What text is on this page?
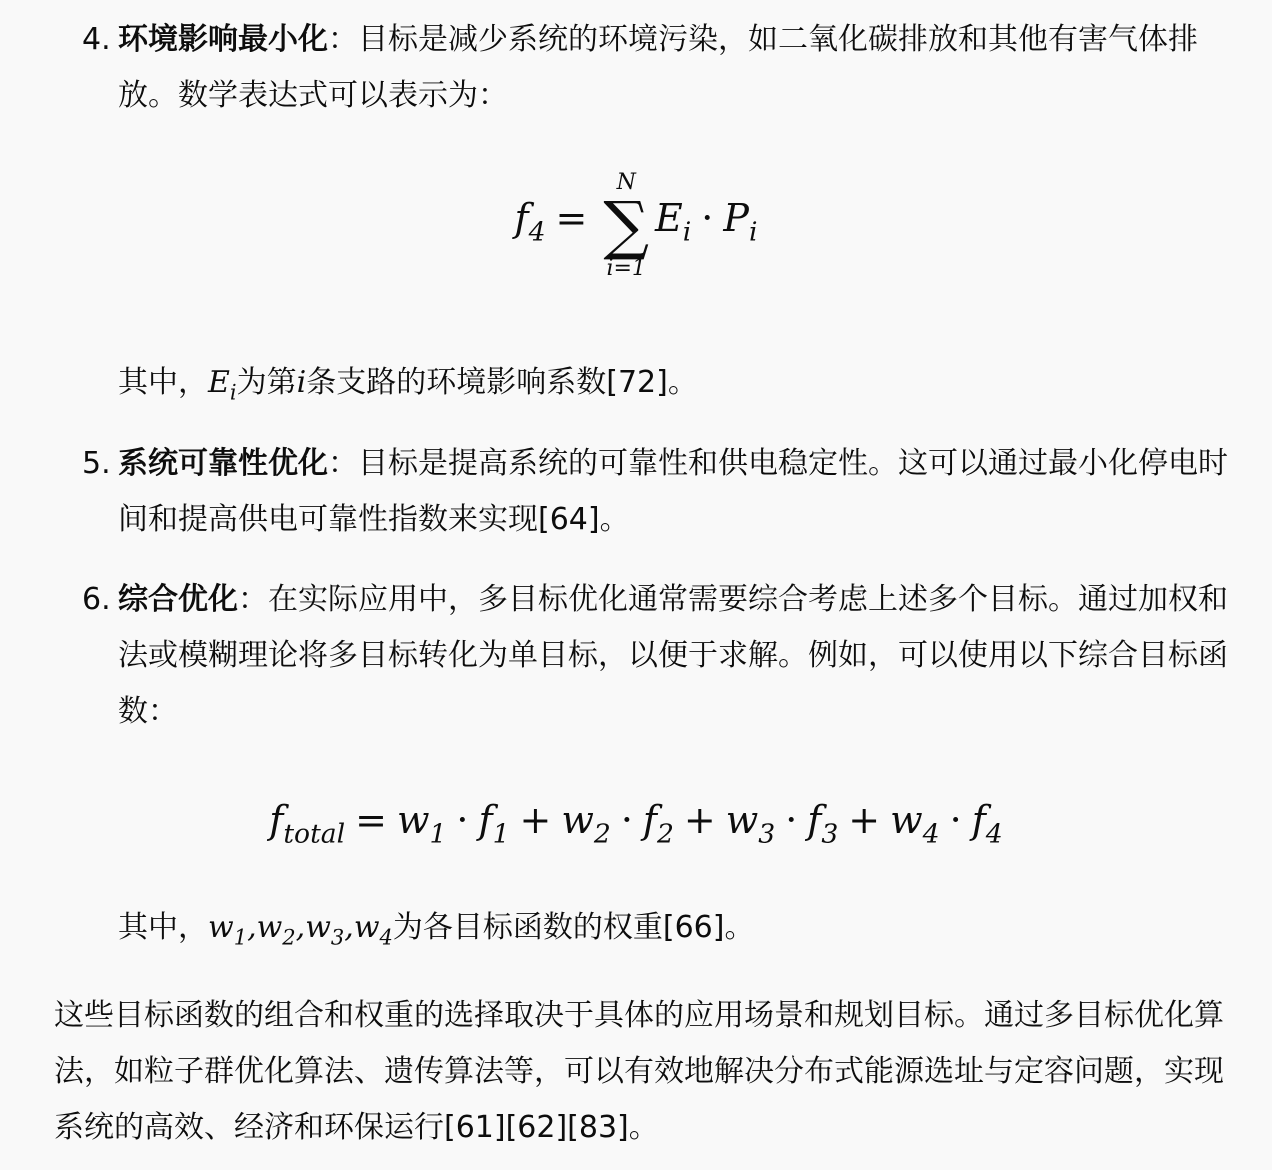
4. 环境影响最小化：目标是减少系统的环境污染，如二氧化碳排放和其他有害气体排放。数学表达式可以表示为：
$f_4$ =
N
∑
i=1
$E_i \cdot P_i$
其中，$E_i$为第i条支路的环境影响系数[72]。
5. 系统可靠性优化：目标是提高系统的可靠性和供电稳定性。这可以通过最小化停电时间和提高供电可靠性指数来实现[64]。
6. 综合优化：在实际应用中，多目标优化通常需要综合考虑上述多个目标。通过加权和法或模糊理论将多目标转化为单目标，以便于求解。例如，可以使用以下综合目标函数：
$f_{total} = w_1 \cdot f_1 + w_2 \cdot f_2 + w_3 \cdot f_3 + w_4 \cdot f_4$
其中，$w_1,w_2,w_3,w_4$为各目标函数的权重[66]。
这些目标函数的组合和权重的选择取决于具体的应用场景和规划目标。通过多目标优化算法，如粒子群优化算法、遗传算法等，可以有效地解决分布式能源选址与定容问题，实现系统的高效、经济和环保运行[61][62][83]。
